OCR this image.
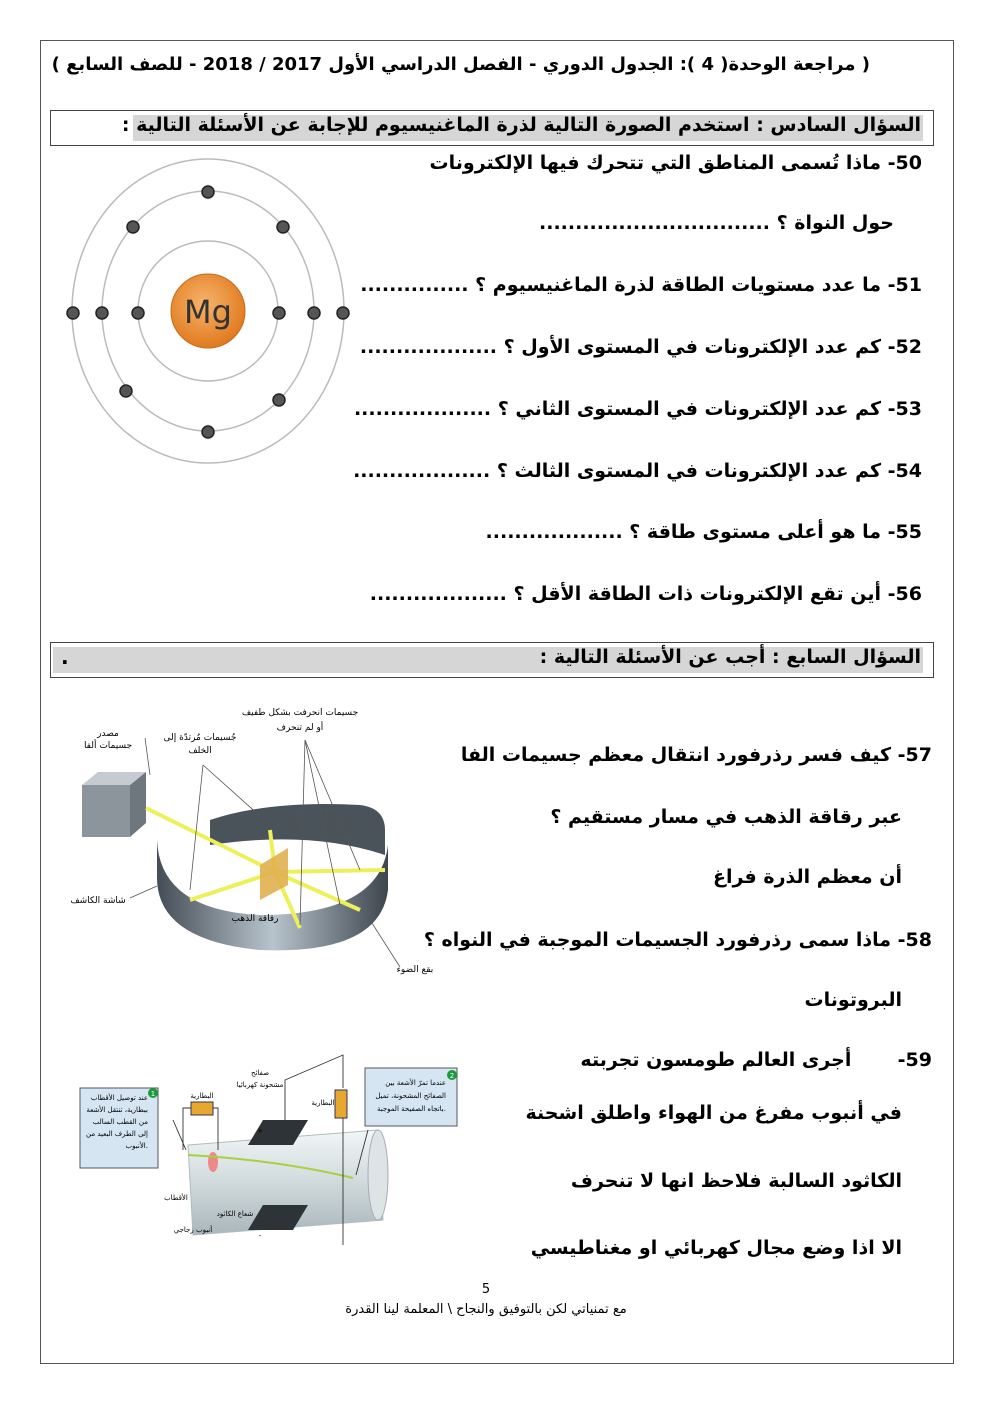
( مراجعة الوحدة( 4 ): الجدول الدوري - الفصل الدراسي الأول 2017 / 2018 - للصف السابع )
السؤال السادس : استخدم الصورة التالية لذرة الماغنيسيوم للإجابة عن الأسئلة التالية :
50- ماذا تُسمى المناطق التي تتحرك فيها الإلكترونات
حول النواة ؟ ................................
51- ما عدد مستويات الطاقة لذرة الماغنيسيوم ؟ ...............
52- كم عدد الإلكترونات في المستوى الأول ؟ ...................
53- كم عدد الإلكترونات في المستوى الثاني ؟ ...................
54- كم عدد الإلكترونات في المستوى الثالث ؟ ...................
55- ما هو أعلى مستوى طاقة ؟ ...................
56- أين تقع الإلكترونات ذات الطاقة الأقل ؟ ...................
Mg
السؤال السابع : أجب عن الأسئلة التالية :
.
57- كيف فسر رذرفورد انتقال معظم جسيمات الفا
عبر رقاقة الذهب في مسار مستقيم ؟
أن معظم الذرة فراغ
58- ماذا سمى رذرفورد الجسيمات الموجبة في النواه ؟
البروتونات
59-       أجرى العالم طومسون تجربته
في أنبوب مفرغ من الهواء واطلق اشحنة
الكاثود السالبة فلاحظ انها لا تنحرف
الا اذا وضع مجال كهربائي او مغناطيسي
مصدر
جسيمات ألفا
جُسيمات مُرتدّة إلى
الخلف
جسيمات انحرفت بشكل طفيف
أو لم تنحرف
شاشة الكاشف
رقاقة الذهب
بقع الضوء
1
عند توصيل الأقطاب
ببطارية، تنتقل الأشعة
من القطب السالب
إلى الطرف البعيد من
الأنبوب.
2
عندما تمرّ الأشعة بين
الصفائح المشحونة، تميل
باتجاه الصفيحة الموجبة.
البطارية
البطارية
صفائح
مشحونة كهربائيا
الأقطاب
شعاع الكاثود
أنبوب زجاجي
+
-
5
مع تمنياتي لكن بالتوفيق والنجاح \ المعلمة لينا القدرة
